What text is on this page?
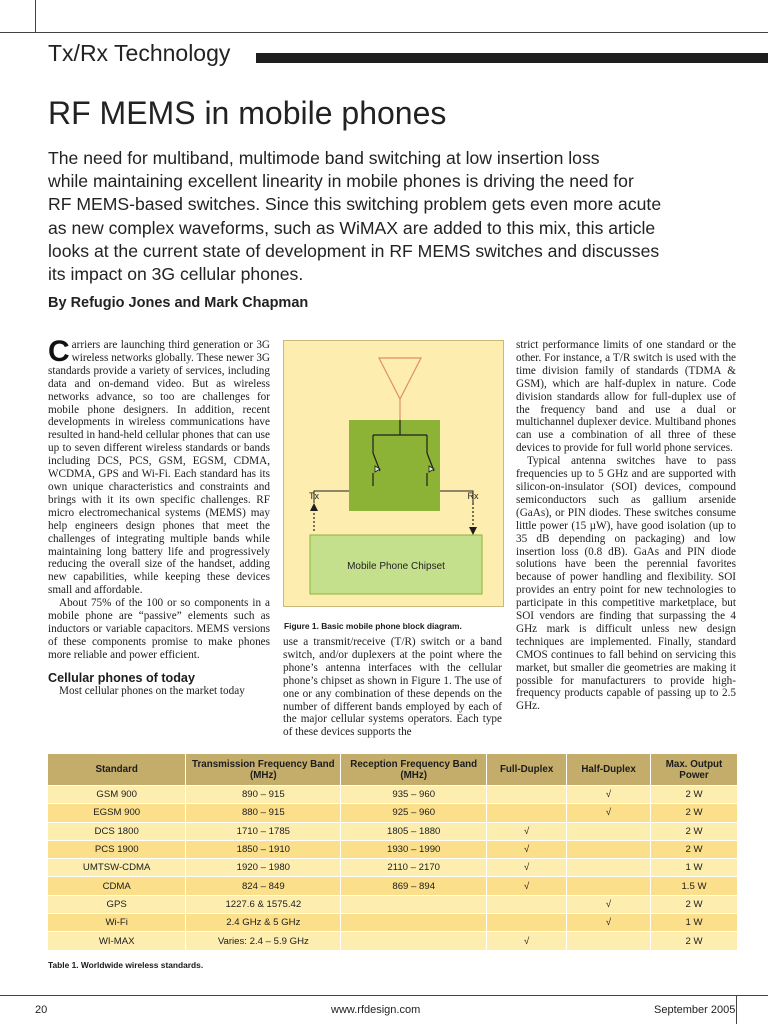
Tx/Rx Technology
RF MEMS in mobile phones
The need for multiband, multimode band switching at low insertion loss
while maintaining excellent linearity in mobile phones is driving the need for
RF MEMS-based switches. Since this switching problem gets even more acute
as new complex waveforms, such as WiMAX are added to this mix, this article
looks at the current state of development in RF MEMS switches and discusses
its impact on 3G cellular phones.
By Refugio Jones and Mark Chapman

Carriers are launching third generation or 3G wireless networks globally. These newer 3G standards provide a variety of services, including data and on-demand video. But as wireless networks advance, so too are challenges for mobile phone designers. In addition, recent developments in wireless communications have resulted in hand-held cellular phones that can use up to seven different wireless standards or bands including DCS, PCS, GSM, EGSM, CDMA, WCDMA, GPS and Wi-Fi. Each standard has its own unique characteristics and constraints and brings with it its own specific challenges. RF micro electromechanical systems (MEMS) may help engineers design phones that meet the challenges of integrating multiple bands while maintaining long battery life and progressively reducing the overall size of the handset, adding new capabilities, while keeping these devices small and affordable.

About 75% of the 100 or so components in a mobile phone are “passive” elements such as inductors or variable capacitors. MEMS versions of these components promise to make phones more reliable and power efficient.

Cellular phones of today

Most cellular phones on the market today

Tx	Rx
Mobile Phone Chipset
Figure 1. Basic mobile phone block diagram.

use a transmit/receive (T/R) switch or a band switch, and/or duplexers at the point where the phone’s antenna interfaces with the cellular phone’s chipset as shown in Figure 1. The use of one or any combination of these depends on the number of different bands employed by each of the major cellular systems operators. Each type of these devices supports the

strict performance limits of one standard or the other. For instance, a T/R switch is used with the time division family of standards (TDMA & GSM), which are half-duplex in nature. Code division standards allow for full-duplex use of the frequency band and use a dual or multichannel duplexer device. Multiband phones can use a combination of all three of these devices to provide for full world phone services.

Typical antenna switches have to pass frequencies up to 5 GHz and are supported with silicon-on-insulator (SOI) devices, compound semiconductors such as gallium arsenide (GaAs), or PIN diodes. These switches consume little power (15 µW), have good isolation (up to 35 dB depending on packaging) and low insertion loss (0.8 dB). GaAs and PIN diode solutions have been the perennial favorites because of power handling and flexibility. SOI provides an entry point for new technologies to participate in this competitive marketplace, but SOI vendors are finding that surpassing the 4 GHz mark is difficult unless new design techniques are implemented. Finally, standard CMOS continues to fall behind on servicing this market, but smaller die geometries are making it possible for manufacturers to provide high-frequency products capable of passing up to 2.5 GHz.

Standard	Transmission Frequency Band (MHz)	Reception Frequency Band (MHz)	Full-Duplex	Half-Duplex	Max. Output Power
GSM 900	890 – 915	935 – 960		√	2 W
EGSM 900	880 – 915	925 – 960		√	2 W
DCS 1800	1710 – 1785	1805 – 1880	√		2 W
PCS 1900	1850 – 1910	1930 – 1990	√		2 W
UMTSW-CDMA	1920 – 1980	2110 – 2170	√		1 W
CDMA	824 – 849	869 – 894	√		1.5 W
GPS	1227.6 & 1575.42			√	2 W
Wi-Fi	2.4 GHz & 5 GHz			√	1 W
WI-MAX	Varies: 2.4 – 5.9 GHz		√		2 W
Table 1. Worldwide wireless standards.
20	www.rfdesign.com	September 2005
